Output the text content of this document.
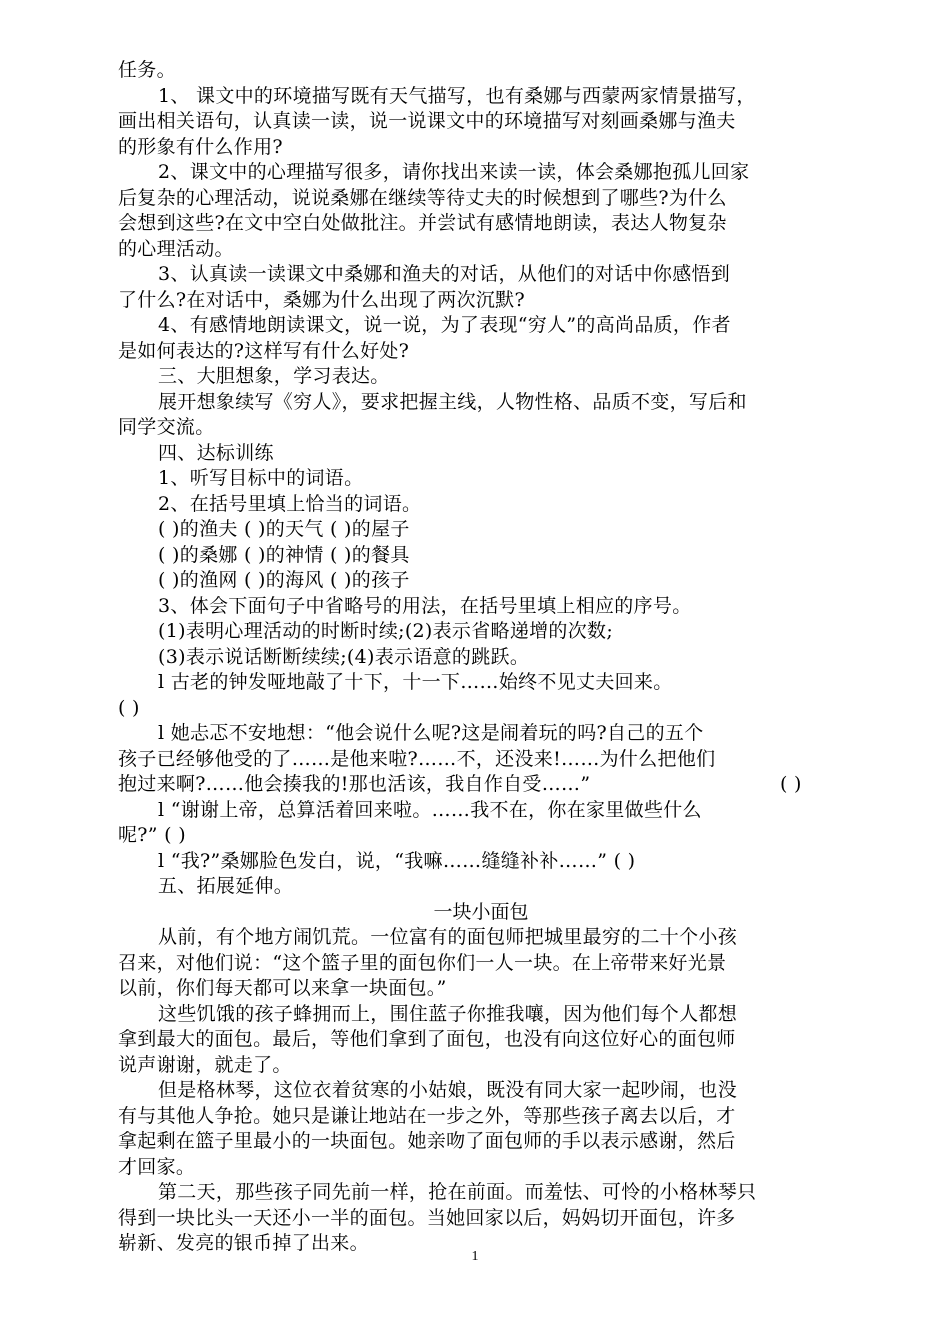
任务。
1、 课文中的环境描写既有天气描写，也有桑娜与西蒙两家情景描写，
画出相关语句，认真读一读，说一说课文中的环境描写对刻画桑娜与渔夫
的形象有什么作用?
2、课文中的心理描写很多，请你找出来读一读，体会桑娜抱孤儿回家
后复杂的心理活动，说说桑娜在继续等待丈夫的时候想到了哪些?为什么
会想到这些?在文中空白处做批注。并尝试有感情地朗读，表达人物复杂
的心理活动。
3、认真读一读课文中桑娜和渔夫的对话，从他们的对话中你感悟到
了什么?在对话中，桑娜为什么出现了两次沉默?
4、有感情地朗读课文，说一说，为了表现“穷人”的高尚品质，作者
是如何表达的?这样写有什么好处?
三、大胆想象，学习表达。
展开想象续写《穷人》，要求把握主线，人物性格、品质不变，写后和
同学交流。
四、达标训练
1、听写目标中的词语。
2、在括号里填上恰当的词语。
( )的渔夫 ( )的天气 ( )的屋子
( )的桑娜 ( )的神情 ( )的餐具
( )的渔网 ( )的海风 ( )的孩子
3、体会下面句子中省略号的用法，在括号里填上相应的序号。
(1)表明心理活动的时断时续;(2)表示省略递增的次数;
(3)表示说话断断续续;(4)表示语意的跳跃。
l 古老的钟发哑地敲了十下，十一下……始终不见丈夫回来。
( )
l 她忐忑不安地想：“他会说什么呢?这是闹着玩的吗?自己的五个
孩子已经够他受的了……是他来啦?……不，还没来!……为什么把他们
抱过来啊?……他会揍我的!那也活该，我自作自受……”	( )
l “谢谢上帝，总算活着回来啦。……我不在，你在家里做些什么
呢?” ( )
l “我?”桑娜脸色发白，说，“我嘛……缝缝补补……” ( )
五、拓展延伸。
一块小面包
从前，有个地方闹饥荒。一位富有的面包师把城里最穷的二十个小孩
召来，对他们说：“这个篮子里的面包你们一人一块。在上帝带来好光景
以前，你们每天都可以来拿一块面包。”
这些饥饿的孩子蜂拥而上，围住蓝子你推我嚷，因为他们每个人都想
拿到最大的面包。最后，等他们拿到了面包，也没有向这位好心的面包师
说声谢谢，就走了。
但是格林琴，这位衣着贫寒的小姑娘，既没有同大家一起吵闹，也没
有与其他人争抢。她只是谦让地站在一步之外，等那些孩子离去以后，才
拿起剩在篮子里最小的一块面包。她亲吻了面包师的手以表示感谢，然后
才回家。
第二天，那些孩子同先前一样，抢在前面。而羞怯、可怜的小格林琴只
得到一块比头一天还小一半的面包。当她回家以后，妈妈切开面包，许多
崭新、发亮的银币掉了出来。
1
